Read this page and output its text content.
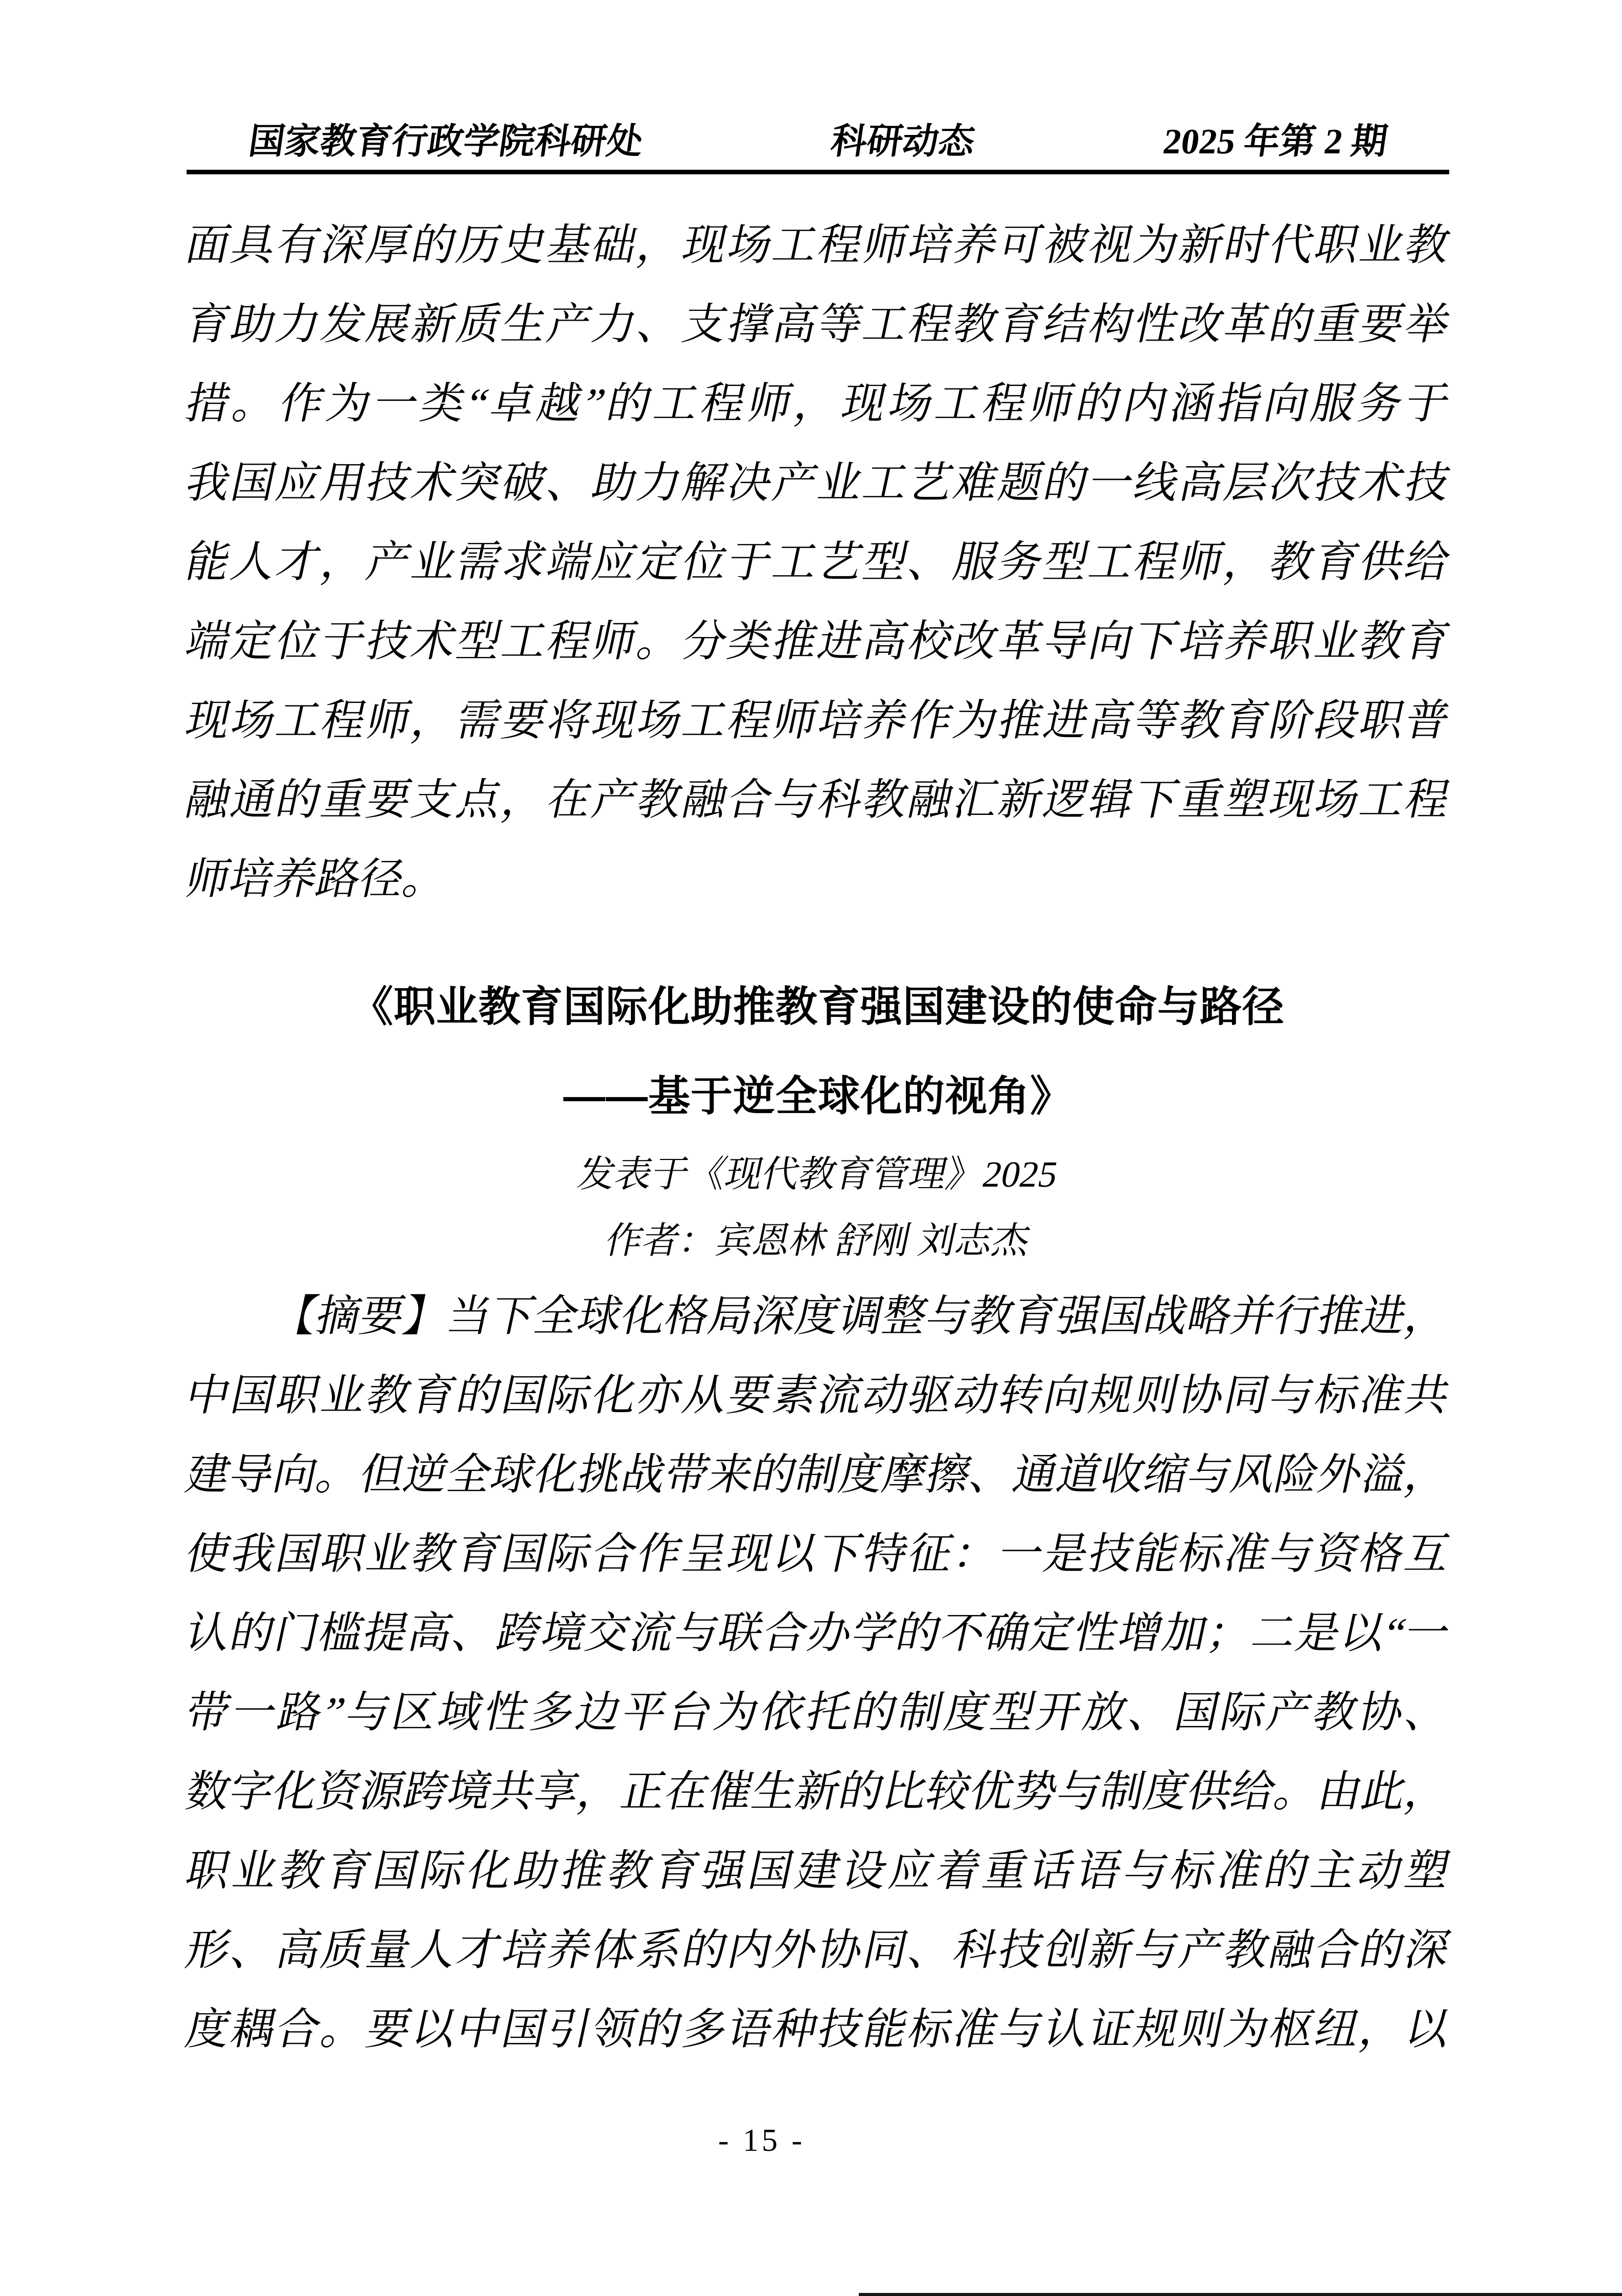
国家教育行政学院科研处	科研动态	2025 年第 2 期
面具有深厚的历史基础，现场工程师培养可被视为新时代职业教
育助力发展新质生产力、支撑高等工程教育结构性改革的重要举
措。作为一类“卓越”的工程师，现场工程师的内涵指向服务于
我国应用技术突破、助力解决产业工艺难题的一线高层次技术技
能人才，产业需求端应定位于工艺型、服务型工程师，教育供给
端定位于技术型工程师。分类推进高校改革导向下培养职业教育
现场工程师，需要将现场工程师培养作为推进高等教育阶段职普
融通的重要支点，在产教融合与科教融汇新逻辑下重塑现场工程
师培养路径。
《职业教育国际化助推教育强国建设的使命与路径
——基于逆全球化的视角》
发表于《现代教育管理》2025
作者：宾恩林 舒刚 刘志杰
【摘要】当下全球化格局深度调整与教育强国战略并行推进，
中国职业教育的国际化亦从要素流动驱动转向规则协同与标准共
建导向。但逆全球化挑战带来的制度摩擦、通道收缩与风险外溢，
使我国职业教育国际合作呈现以下特征：一是技能标准与资格互
认的门槛提高、跨境交流与联合办学的不确定性增加；二是以“一
带一路”与区域性多边平台为依托的制度型开放、国际产教协、
数字化资源跨境共享，正在催生新的比较优势与制度供给。由此，
职业教育国际化助推教育强国建设应着重话语与标准的主动塑
形、高质量人才培养体系的内外协同、科技创新与产教融合的深
度耦合。要以中国引领的多语种技能标准与认证规则为枢纽，以
- 15 -
